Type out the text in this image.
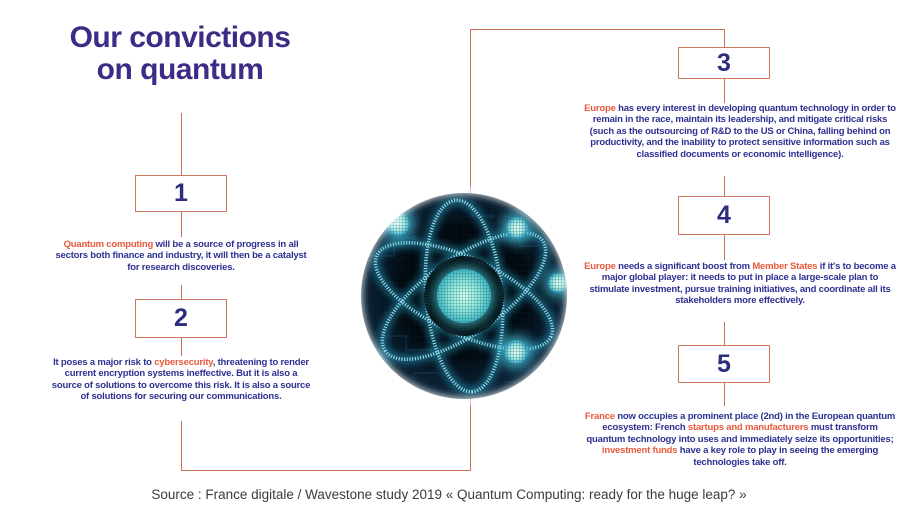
Our convictions
on quantum
1
2
3
4
5
Quantum computing will be a source of progress in all sectors both finance and industry, it will then be a catalyst for research discoveries.
It poses a major risk to cybersecurity, threatening to render current encryption systems ineffective. But it is also a source of solutions to overcome this risk. It is also a source of solutions for securing our communications.
Europe has every interest in developing quantum technology in order to remain in the race, maintain its leadership, and mitigate critical risks (such as the outsourcing of R&D to the US or China, falling behind on productivity, and the inability to protect sensitive information such as classified documents or economic intelligence).
Europe needs a significant boost from Member States if it's to become a major global player: it needs to put in place a large-scale plan to stimulate investment, pursue training initiatives, and coordinate all its stakeholders more effectively.
France now occupies a prominent place (2nd) in the European quantum ecosystem: French startups and manufacturers must transform quantum technology into uses and immediately seize its opportunities; investment funds have a key role to play in seeing the emerging technologies take off.
Source : France digitale / Wavestone study 2019 « Quantum Computing: ready for the huge leap? »
